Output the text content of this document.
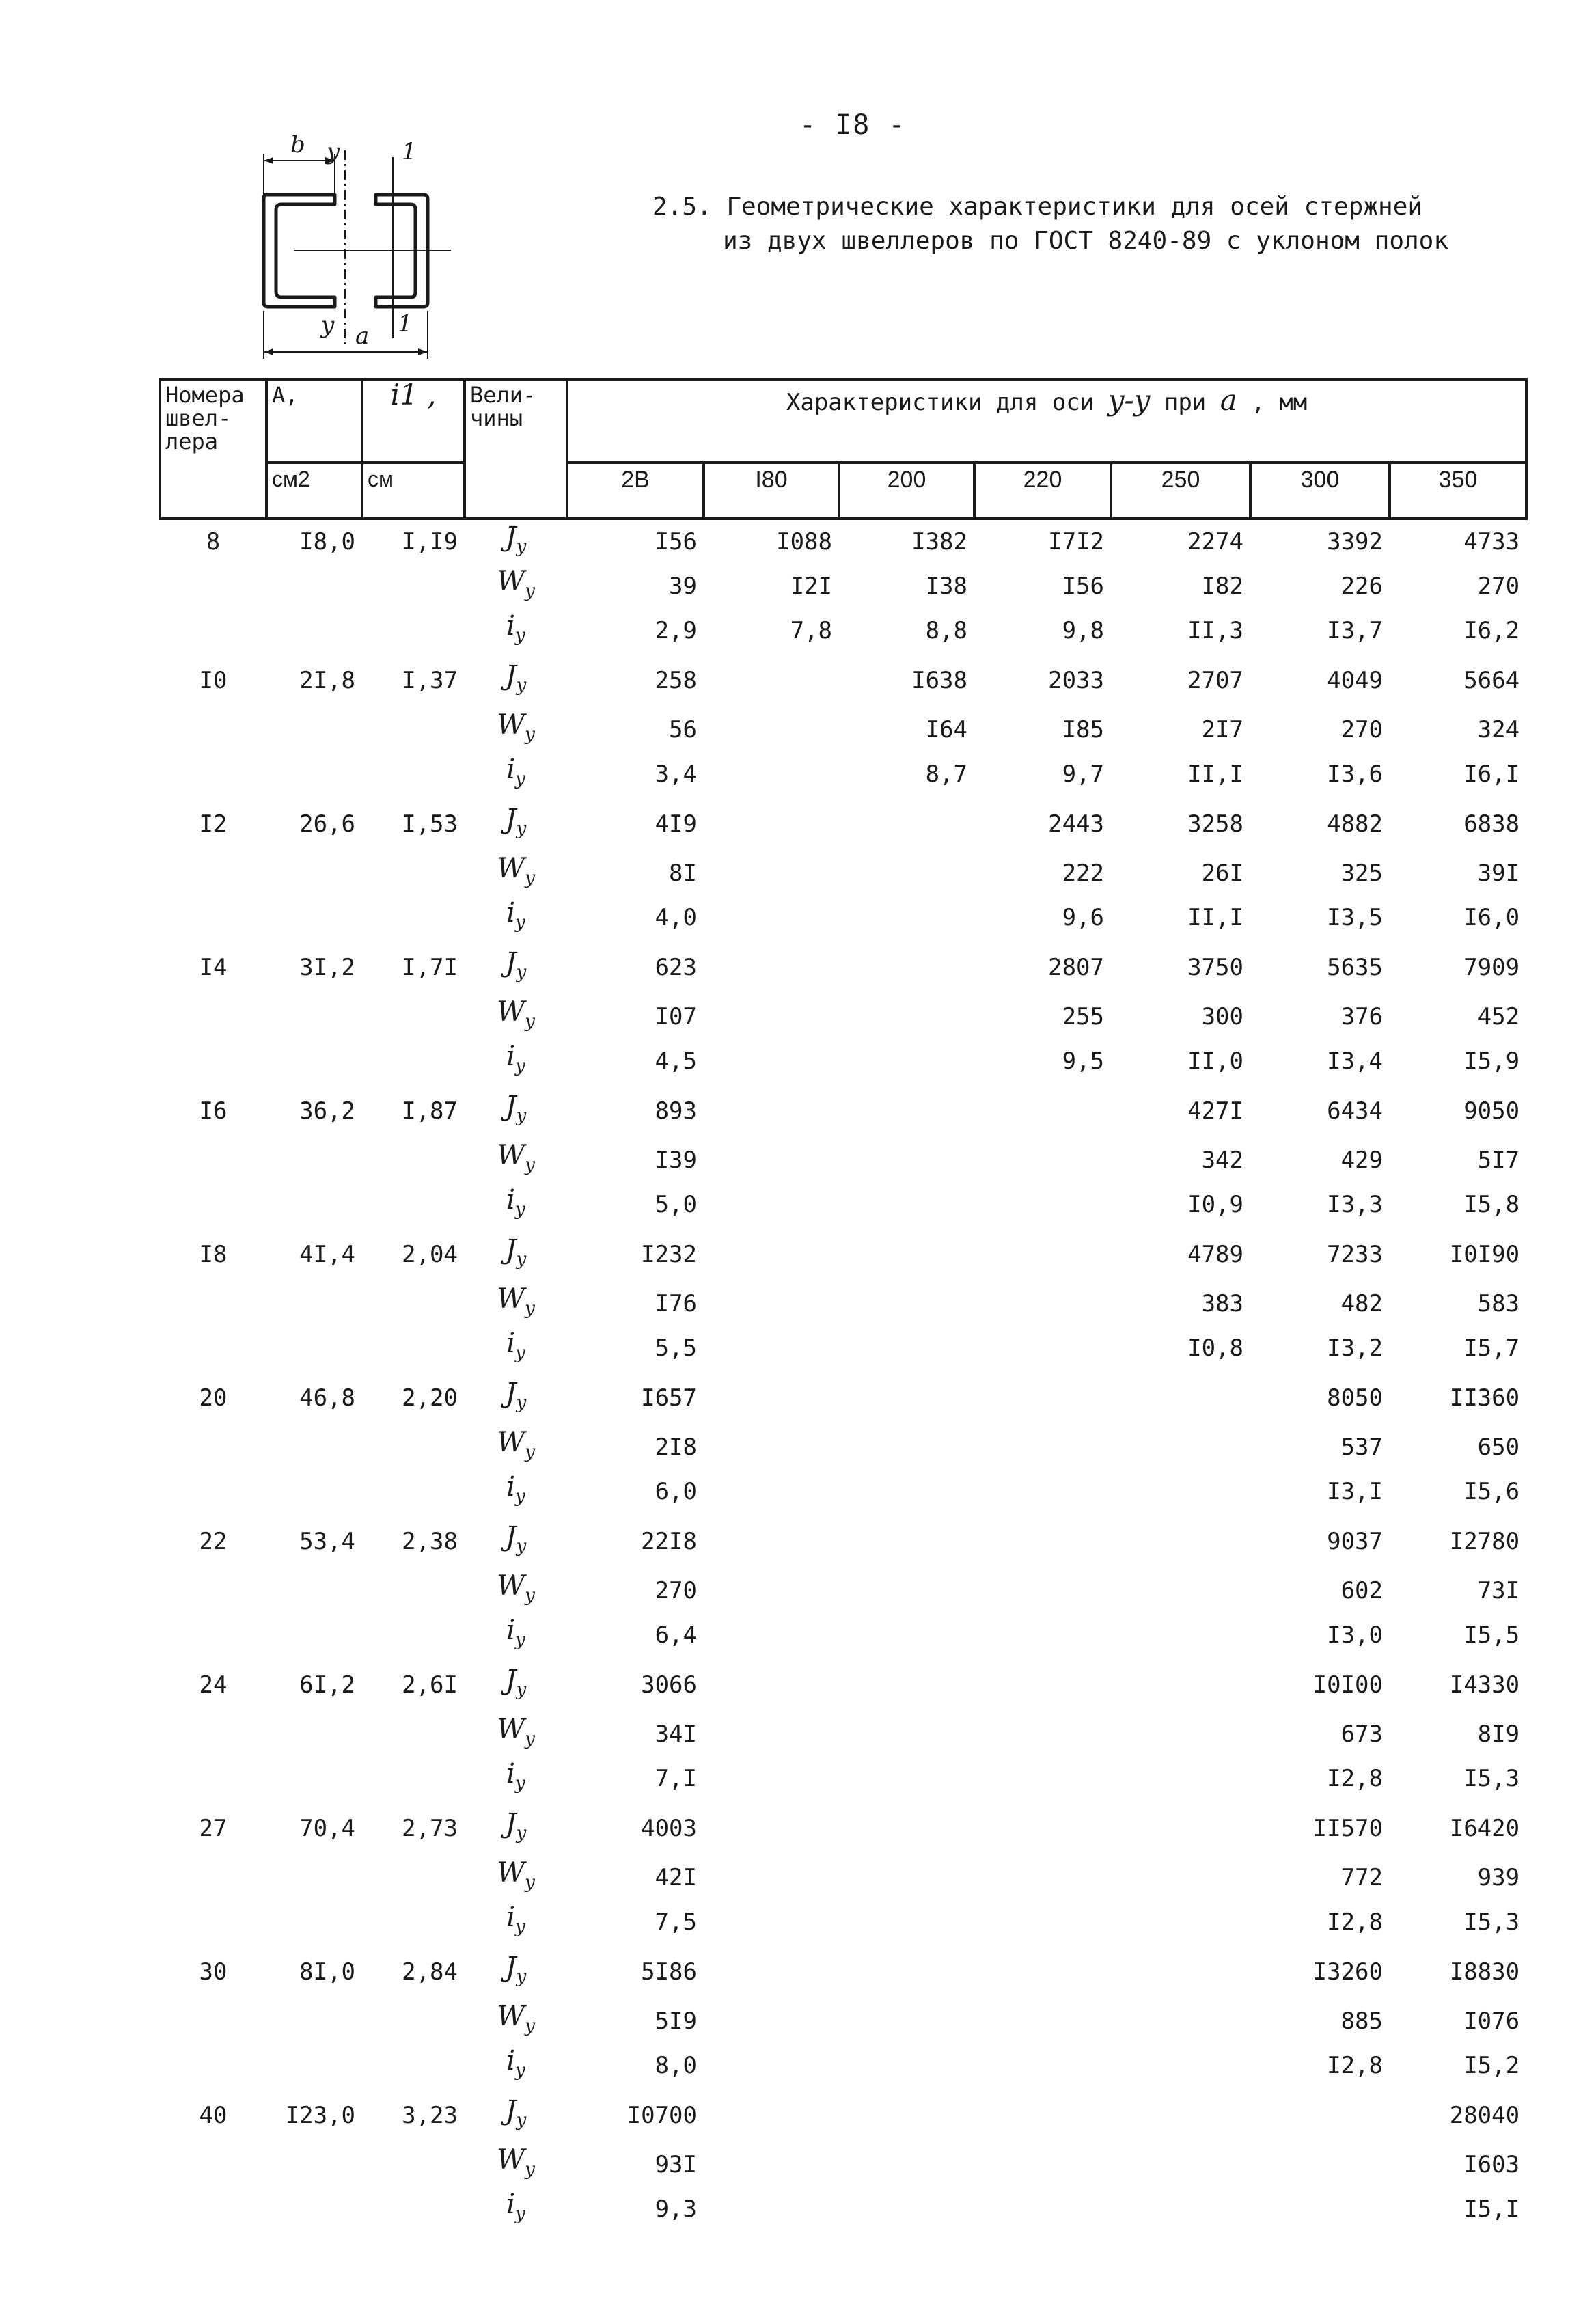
- I8 -
2.5. Геометрические характеристики для осей стержней
из двух швеллеров по ГОСТ 8240-89 с уклоном полок
b y	1
y a 1
Номера швел-лера	A,	i1 ,	Вели-чины	Характеристики для оси y-y при a , мм						
	см2	см		2B	I80	200	220	250	300	350
8	I8,0	I,I9	$J_y$	I56	I088	I382	I7I2	2274	3392	4733
			$W_y$	39	I2I	I38	I56	I82	226	270
			$i_y$	2,9	7,8	8,8	9,8	II,3	I3,7	I6,2
I0	2I,8	I,37	$J_y$	258		I638	2033	2707	4049	5664
			$W_y$	56		I64	I85	2I7	270	324
			$i_y$	3,4		8,7	9,7	II,I	I3,6	I6,I
I2	26,6	I,53	$J_y$	4I9			2443	3258	4882	6838
			$W_y$	8I			222	26I	325	39I
			$i_y$	4,0			9,6	II,I	I3,5	I6,0
I4	3I,2	I,7I	$J_y$	623			2807	3750	5635	7909
			$W_y$	I07			255	300	376	452
			$i_y$	4,5			9,5	II,0	I3,4	I5,9
I6	36,2	I,87	$J_y$	893				427I	6434	9050
			$W_y$	I39				342	429	5I7
			$i_y$	5,0				I0,9	I3,3	I5,8
I8	4I,4	2,04	$J_y$	I232				4789	7233	I0I90
			$W_y$	I76				383	482	583
			$i_y$	5,5				I0,8	I3,2	I5,7
20	46,8	2,20	$J_y$	I657					8050	II360
			$W_y$	2I8					537	650
			$i_y$	6,0					I3,I	I5,6
22	53,4	2,38	$J_y$	22I8					9037	I2780
			$W_y$	270					602	73I
			$i_y$	6,4					I3,0	I5,5
24	6I,2	2,6I	$J_y$	3066					I0I00	I4330
			$W_y$	34I					673	8I9
			$i_y$	7,I					I2,8	I5,3
27	70,4	2,73	$J_y$	4003					II570	I6420
			$W_y$	42I					772	939
			$i_y$	7,5					I2,8	I5,3
30	8I,0	2,84	$J_y$	5I86					I3260	I8830
			$W_y$	5I9					885	I076
			$i_y$	8,0					I2,8	I5,2
40	I23,0	3,23	$J_y$	I0700						28040
			$W_y$	93I						I603
			$i_y$	9,3						I5,I
